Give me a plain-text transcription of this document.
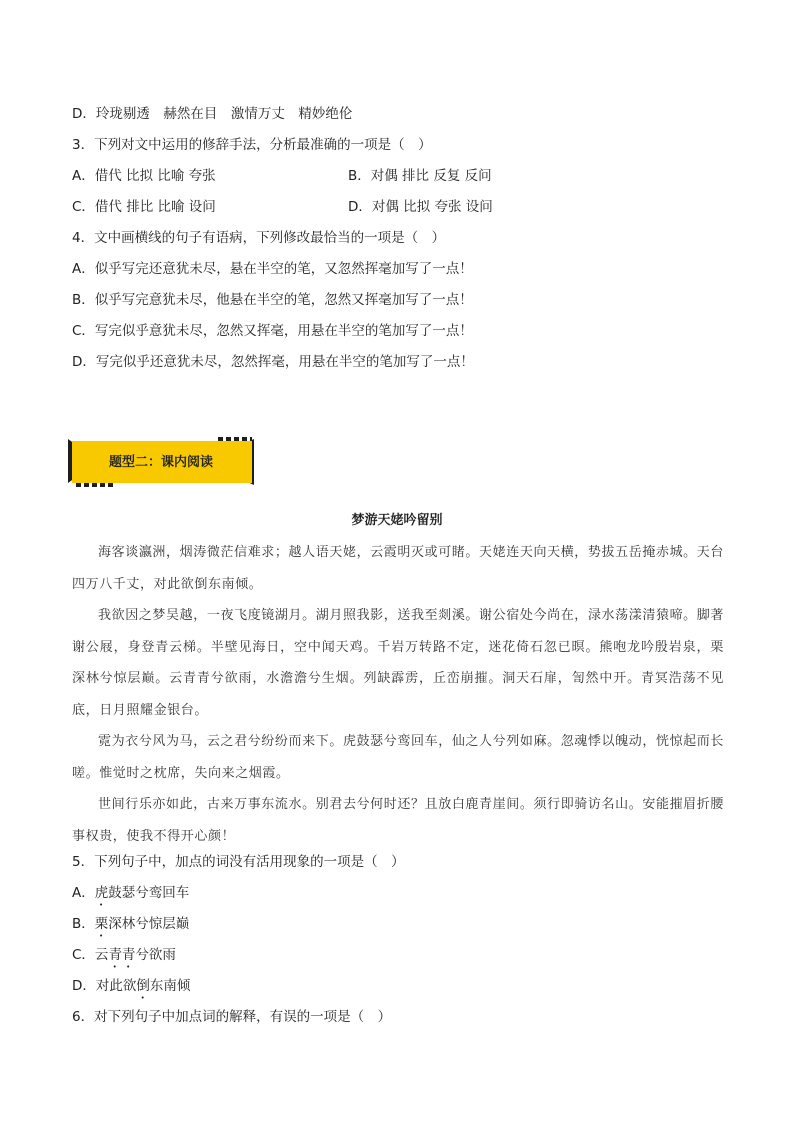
D．玲珑剔透　赫然在目　激情万丈　精妙绝伦
3．下列对文中运用的修辞手法，分析最准确的一项是（　）
A．借代 比拟 比喻 夸张	B．对偶 排比 反复 反问
C．借代 排比 比喻 设问	D．对偶 比拟 夸张 设问
4．文中画横线的句子有语病，下列修改最恰当的一项是（　）
A．似乎写完还意犹未尽，悬在半空的笔，又忽然挥毫加写了一点！
B．似乎写完意犹未尽，他悬在半空的笔，忽然又挥毫加写了一点！
C．写完似乎意犹未尽，忽然又挥毫，用悬在半空的笔加写了一点！
D．写完似乎还意犹未尽，忽然挥毫，用悬在半空的笔加写了一点！
题型二：课内阅读
梦游天姥吟留别

海客谈瀛洲，烟涛微茫信难求；越人语天姥，云霞明灭或可睹。天姥连天向天横，势拔五岳掩赤城。天台四万八千丈，对此欲倒东南倾。

我欲因之梦吴越，一夜飞度镜湖月。湖月照我影，送我至剡溪。谢公宿处今尚在，渌水荡漾清猿啼。脚著谢公屐，身登青云梯。半壁见海日，空中闻天鸡。千岩万转路不定，迷花倚石忽已暝。熊咆龙吟殷岩泉，栗深林兮惊层巅。云青青兮欲雨，水澹澹兮生烟。列缺霹雳，丘峦崩摧。洞天石扉，訇然中开。青冥浩荡不见底，日月照耀金银台。

霓为衣兮风为马，云之君兮纷纷而来下。虎鼓瑟兮鸾回车，仙之人兮列如麻。忽魂悸以魄动，恍惊起而长嗟。惟觉时之枕席，失向来之烟霞。

世间行乐亦如此，古来万事东流水。别君去兮何时还？且放白鹿青崖间。须行即骑访名山。安能摧眉折腰事权贵，使我不得开心颜！

5．下列句子中，加点的词没有活用现象的一项是（　）
A．虎鼓瑟兮鸾回车
B．栗深林兮惊层巅
C．云青青兮欲雨
D．对此欲倒东南倾
6．对下列句子中加点词的解释，有误的一项是（　）
